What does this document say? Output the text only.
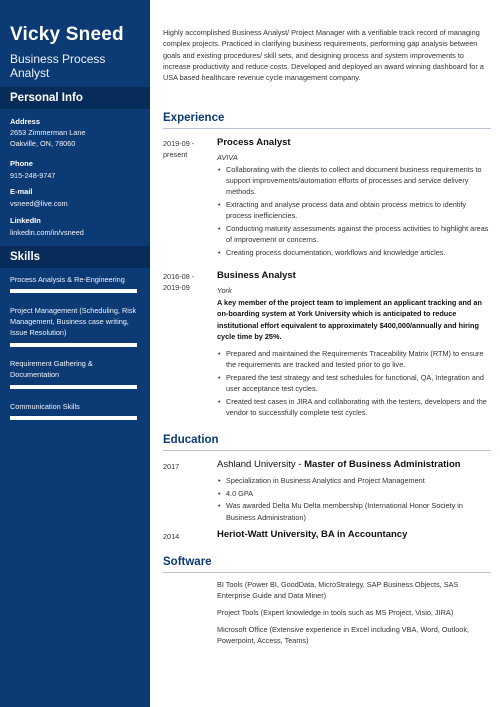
Vicky Sneed
Business Process Analyst
Personal Info
Address
2653 Zimmerman Lane
Oakville, ON, 78060
Phone
915-248-9747
E-mail
vsneed@live.com
LinkedIn
linkedin.com/in/vsneed
Skills
Process Analysis & Re-Engineering
Project Management (Scheduling, Risk Management, Business case writing, Issue Resolution)
Requirement Gathering & Documentation
Communication Skills
Highly accomplished Business Analyst/ Project Manager with a verifiable track record of managing complex projects. Practiced in clarifying business requirements, performing gap analysis between goals and existing procedures/ skill sets, and designing process and system improvements to increase productivity and reduce costs. Developed and deployed an award winning dashboard for a USA based healthcare revenue cycle management company.
Experience
2019-09 -
present
Process Analyst
AVIVA
• Collaborating with the clients to collect and document business requirements to support improvements/automation efforts of processes and service delivery methods.
• Extracting and analyse process data and obtain process metrics to identify process inefficiencies.
• Conducting maturity assessments against the process activities to highlight areas of improvement or concerns.
• Creating process documentation, workflows and knowledge articles.
2016-08 -
2019-09
Business Analyst
York
A key member of the project team to implement an applicant tracking and an on-boarding system at York University which is anticipated to reduce institutional effort equivalent to approximately $400,000/annually and hiring cycle time by 25%.
• Prepared and maintained the Requirements Traceability Matrix (RTM) to ensure the requirements are tracked and tested prior to go live.
• Prepared the test strategy and test schedules for functional, QA, Integration and user acceptance test cycles.
• Created test cases in JIRA and collaborating with the testers, developers and the vendor to successfully complete test cycles.
Education
2017	Ashland University - Master of Business Administration
• Specialization in Business Analytics and Project Management
• 4.0 GPA
• Was awarded Delta Mu Delta membership (International Honor Society in Business Administration)
2014	Heriot-Watt University, BA in Accountancy
Software
BI Tools (Power BI, GoodData, MicroStrategy, SAP Business Objects, SAS Enterprise Guide and Data Miner)
Project Tools (Expert knowledge in tools such as MS Project, Visio, JIRA)
Microsoft Office (Extensive experience in Excel including VBA, Word, Outlook, Powerpoint, Access, Teams)
